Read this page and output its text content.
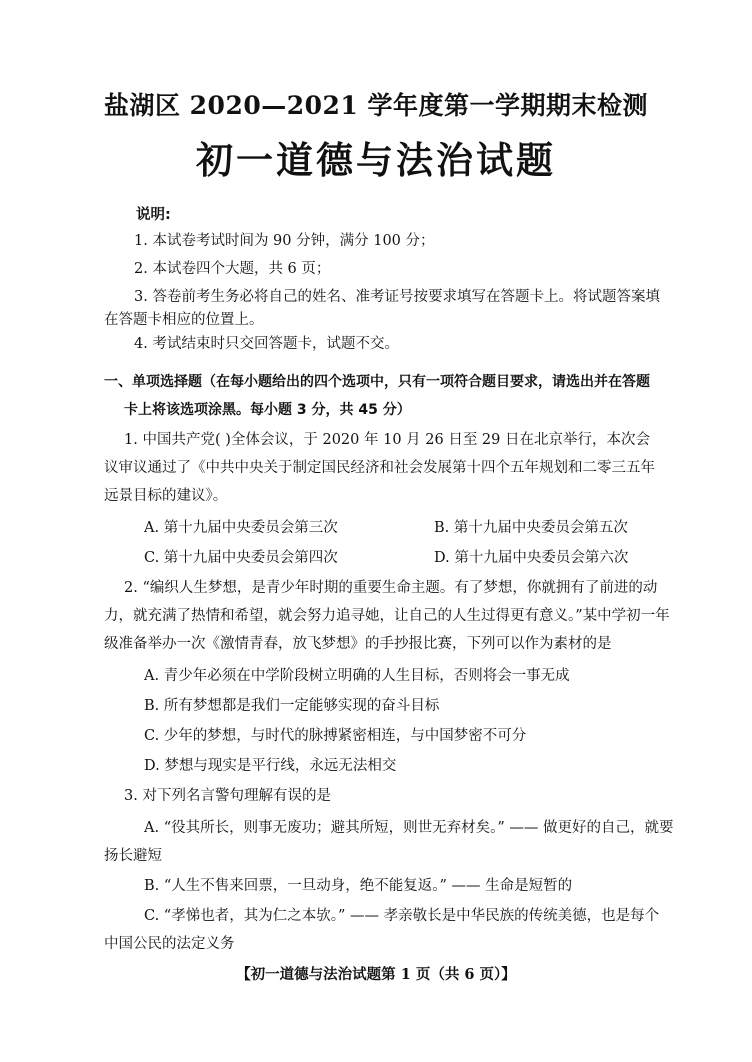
盐湖区 2020—2021 学年度第一学期期末检测
初一道德与法治试题
说明:
1. 本试卷考试时间为 90 分钟，满分 100 分；
2. 本试卷四个大题，共 6 页；
3. 答卷前考生务必将自己的姓名、准考证号按要求填写在答题卡上。将试题答案填
在答题卡相应的位置上。
4. 考试结束时只交回答题卡，试题不交。
一、单项选择题（在每小题给出的四个选项中，只有一项符合题目要求，请选出并在答题
卡上将该选项涂黑。每小题 3 分，共 45 分）
1. 中国共产党( )全体会议，于 2020 年 10 月 26 日至 29 日在北京举行，本次会
议审议通过了《中共中央关于制定国民经济和社会发展第十四个五年规划和二零三五年
远景目标的建议》。
A. 第十九届中央委员会第三次	B. 第十九届中央委员会第五次
C. 第十九届中央委员会第四次	D. 第十九届中央委员会第六次
2. “编织人生梦想，是青少年时期的重要生命主题。有了梦想，你就拥有了前进的动
力，就充满了热情和希望，就会努力追寻她，让自己的人生过得更有意义。”某中学初一年
级准备举办一次《激情青春，放飞梦想》的手抄报比赛，下列可以作为素材的是
A. 青少年必须在中学阶段树立明确的人生目标，否则将会一事无成
B. 所有梦想都是我们一定能够实现的奋斗目标
C. 少年的梦想，与时代的脉搏紧密相连，与中国梦密不可分
D. 梦想与现实是平行线，永远无法相交
3. 对下列名言警句理解有误的是
A. “役其所长，则事无废功；避其所短，则世无弃材矣。” —— 做更好的自己，就要
扬长避短
B. “人生不售来回票，一旦动身，绝不能复返。” —— 生命是短暂的
C. “孝悌也者，其为仁之本欤。” —— 孝亲敬长是中华民族的传统美德，也是每个
中国公民的法定义务
【初一道德与法治试题第 1 页（共 6 页）】
